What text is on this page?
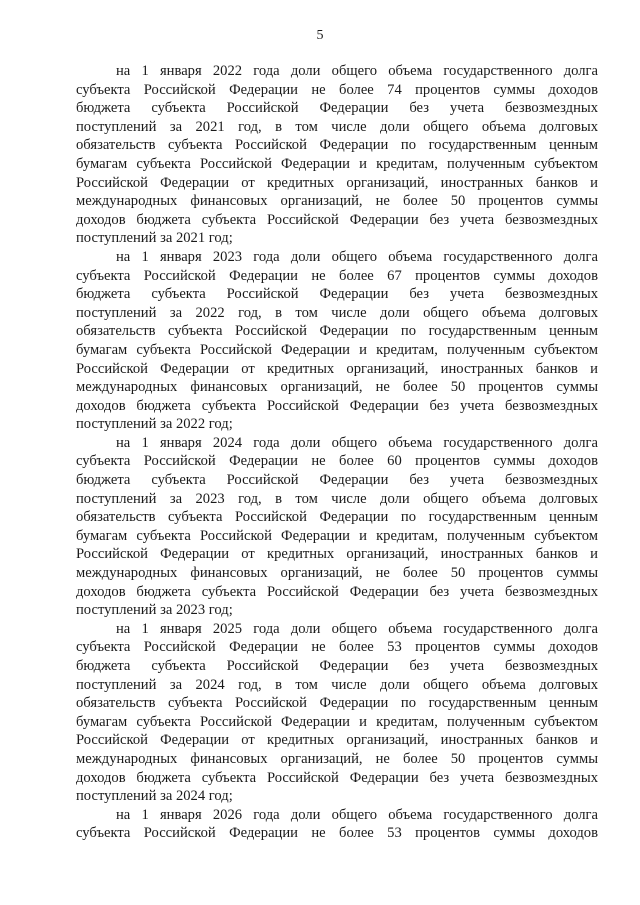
5
на 1 января 2022 года доли общего объема государственного долга
субъекта Российской Федерации не более 74 процентов суммы доходов
бюджета субъекта Российской Федерации без учета безвозмездных
поступлений за 2021 год, в том числе доли общего объема долговых
обязательств субъекта Российской Федерации по государственным ценным
бумагам субъекта Российской Федерации и кредитам, полученным субъектом
Российской Федерации от кредитных организаций, иностранных банков и
международных финансовых организаций, не более 50 процентов суммы
доходов бюджета субъекта Российской Федерации без учета безвозмездных
поступлений за 2021 год;
на 1 января 2023 года доли общего объема государственного долга
субъекта Российской Федерации не более 67 процентов суммы доходов
бюджета субъекта Российской Федерации без учета безвозмездных
поступлений за 2022 год, в том числе доли общего объема долговых
обязательств субъекта Российской Федерации по государственным ценным
бумагам субъекта Российской Федерации и кредитам, полученным субъектом
Российской Федерации от кредитных организаций, иностранных банков и
международных финансовых организаций, не более 50 процентов суммы
доходов бюджета субъекта Российской Федерации без учета безвозмездных
поступлений за 2022 год;
на 1 января 2024 года доли общего объема государственного долга
субъекта Российской Федерации не более 60 процентов суммы доходов
бюджета субъекта Российской Федерации без учета безвозмездных
поступлений за 2023 год, в том числе доли общего объема долговых
обязательств субъекта Российской Федерации по государственным ценным
бумагам субъекта Российской Федерации и кредитам, полученным субъектом
Российской Федерации от кредитных организаций, иностранных банков и
международных финансовых организаций, не более 50 процентов суммы
доходов бюджета субъекта Российской Федерации без учета безвозмездных
поступлений за 2023 год;
на 1 января 2025 года доли общего объема государственного долга
субъекта Российской Федерации не более 53 процентов суммы доходов
бюджета субъекта Российской Федерации без учета безвозмездных
поступлений за 2024 год, в том числе доли общего объема долговых
обязательств субъекта Российской Федерации по государственным ценным
бумагам субъекта Российской Федерации и кредитам, полученным субъектом
Российской Федерации от кредитных организаций, иностранных банков и
международных финансовых организаций, не более 50 процентов суммы
доходов бюджета субъекта Российской Федерации без учета безвозмездных
поступлений за 2024 год;
на 1 января 2026 года доли общего объема государственного долга
субъекта Российской Федерации не более 53 процентов суммы доходов
